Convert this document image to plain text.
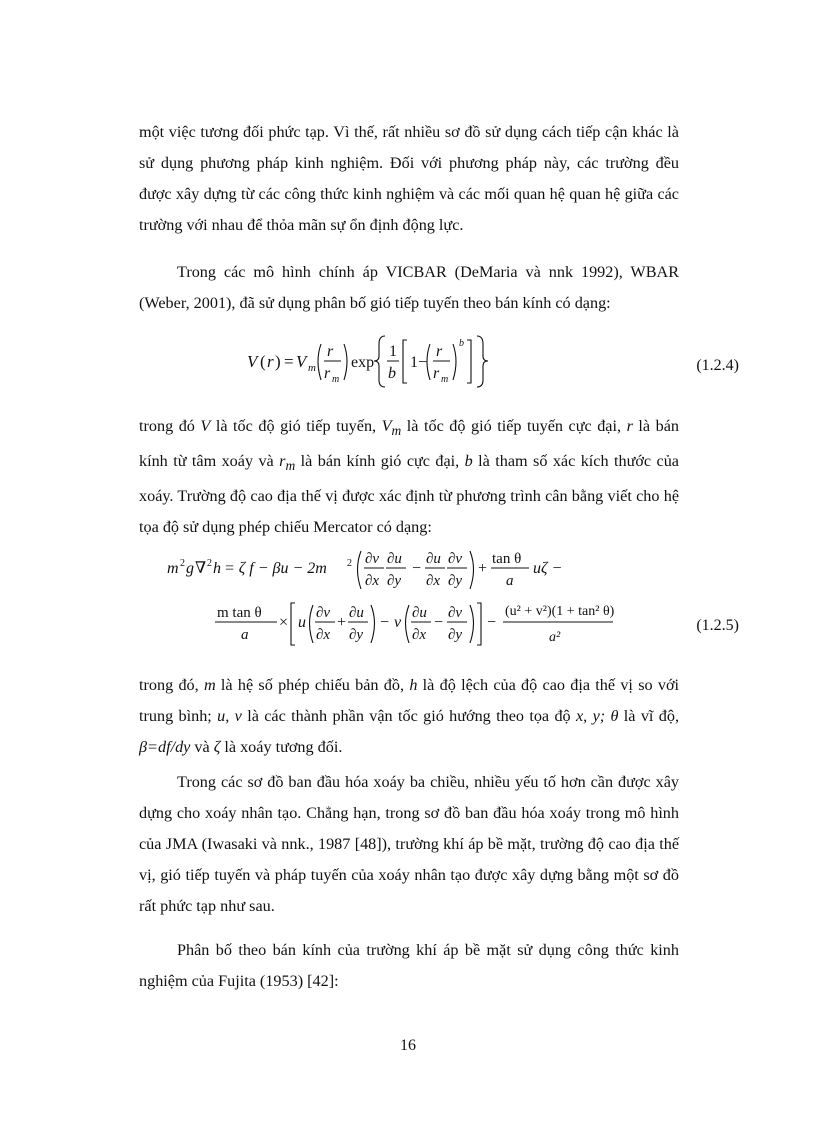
một việc tương đối phức tạp. Vì thế, rất nhiều sơ đồ sử dụng cách tiếp cận khác là sử dụng phương pháp kinh nghiệm. Đối với phương pháp này, các trường đều được xây dựng từ các công thức kinh nghiệm và các mối quan hệ quan hệ giữa các trường với nhau để thỏa mãn sự ổn định động lực.

Trong các mô hình chính áp VICBAR (DeMaria và nnk 1992), WBAR (Weber, 2001), đã sử dụng phân bố gió tiếp tuyến theo bán kính có dạng:

V ( r ) = V m
r
r m
exp
1
b
1−
r
r m
b
(1.2.4)

trong đó V là tốc độ gió tiếp tuyến, $V_m$ là tốc độ gió tiếp tuyến cực đại, r là bán kính từ tâm xoáy và $r_m$ là bán kính gió cực đại, b là tham số xác kích thước của xoáy. Trường độ cao địa thế vị được xác định từ phương trình cân bằng viết cho hệ tọa độ sử dụng phép chiếu Mercator có dạng:

m 2 g ∇ 2 h = ζ f − βu − 2m 2 ∂v
∂x
∂u
∂y
−
∂u
∂x
∂v
∂y
+
tan θ
a
uζ −
m tan θ
a
× u
∂v
∂x
+
∂u
∂y
− v
∂u
∂x
−
∂v
∂y
−
(u² + v²)(1 + tan² θ)
a²
(1.2.5)

trong đó, m là hệ số phép chiếu bản đồ, h là độ lệch của độ cao địa thế vị so với trung bình; u, v là các thành phần vận tốc gió hướng theo tọa độ x, y; θ là vĩ độ, β=df/dy và ζ là xoáy tương đối.

Trong các sơ đồ ban đầu hóa xoáy ba chiều, nhiều yếu tố hơn cần được xây dựng cho xoáy nhân tạo. Chẳng hạn, trong sơ đồ ban đầu hóa xoáy trong mô hình của JMA (Iwasaki và nnk., 1987 [48]), trường khí áp bề mặt, trường độ cao địa thế vị, gió tiếp tuyến và pháp tuyến của xoáy nhân tạo được xây dựng bằng một sơ đồ rất phức tạp như sau.

Phân bố theo bán kính của trường khí áp bề mặt sử dụng công thức kinh nghiệm của Fujita (1953) [42]:

16
